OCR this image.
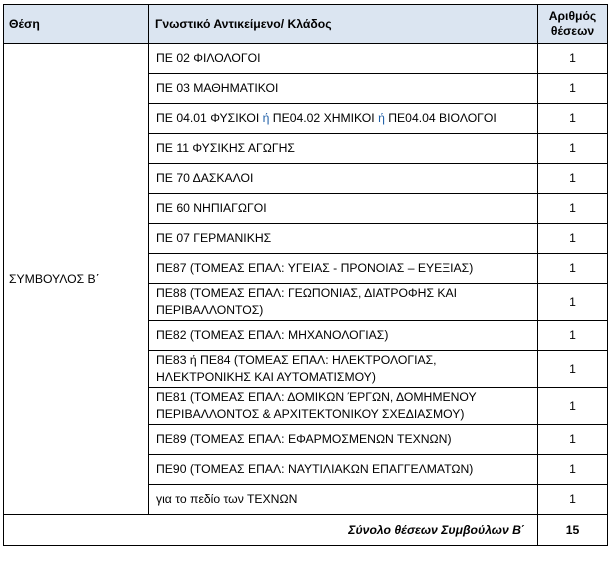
Θέση	Γνωστικό Αντικείμενο/ Κλάδος	Αριθμός
θέσεων
ΣΥΜΒΟΥΛΟΣ Β΄	ΠΕ 02 ΦΙΛΟΛΟΓΟΙ	1
	ΠΕ 03 ΜΑΘΗΜΑΤΙΚΟΙ	1
	ΠΕ 04.01 ΦΥΣΙΚΟΙ ή ΠΕ04.02 ΧΗΜΙΚΟΙ ή ΠΕ04.04 ΒΙΟΛΟΓΟΙ	1
	ΠΕ 11 ΦΥΣΙΚΗΣ ΑΓΩΓΗΣ	1
	ΠΕ 70 ΔΑΣΚΑΛΟΙ	1
	ΠΕ 60 ΝΗΠΙΑΓΩΓΟΙ	1
	ΠΕ 07 ΓΕΡΜΑΝΙΚΗΣ	1
	ΠΕ87 (ΤΟΜΕΑΣ ΕΠΑΛ: ΥΓΕΙΑΣ - ΠΡΟΝΟΙΑΣ – ΕΥΕΞΙΑΣ)	1
	ΠΕ88 (ΤΟΜΕΑΣ ΕΠΑΛ: ΓΕΩΠΟΝΙΑΣ, ΔΙΑΤΡΟΦΗΣ ΚΑΙ
ΠΕΡΙΒΑΛΛΟΝΤΟΣ)	1
	ΠΕ82 (ΤΟΜΕΑΣ ΕΠΑΛ: ΜΗΧΑΝΟΛΟΓΙΑΣ)	1
	ΠΕ83 ή ΠΕ84 (ΤΟΜΕΑΣ ΕΠΑΛ: ΗΛΕΚΤΡΟΛΟΓΙΑΣ,
ΗΛΕΚΤΡΟΝΙΚΗΣ ΚΑΙ ΑΥΤΟΜΑΤΙΣΜΟΥ)	1
	ΠΕ81 (ΤΟΜΕΑΣ ΕΠΑΛ: ΔΟΜΙΚΩΝ ΈΡΓΩΝ, ΔΟΜΗΜΕΝΟΥ
ΠΕΡΙΒΑΛΛΟΝΤΟΣ & ΑΡΧΙΤΕΚΤΟΝΙΚΟΥ ΣΧΕΔΙΑΣΜΟΥ)	1
	ΠΕ89 (ΤΟΜΕΑΣ ΕΠΑΛ: ΕΦΑΡΜΟΣΜΕΝΩΝ ΤΕΧΝΩΝ)	1
	ΠΕ90 (ΤΟΜΕΑΣ ΕΠΑΛ: ΝΑΥΤΙΛΙΑΚΩΝ ΕΠΑΓΓΕΛΜΑΤΩΝ)	1
	για το πεδίο των ΤΕΧΝΩΝ	1
Σύνολο θέσεων Συμβούλων Β΄		15
